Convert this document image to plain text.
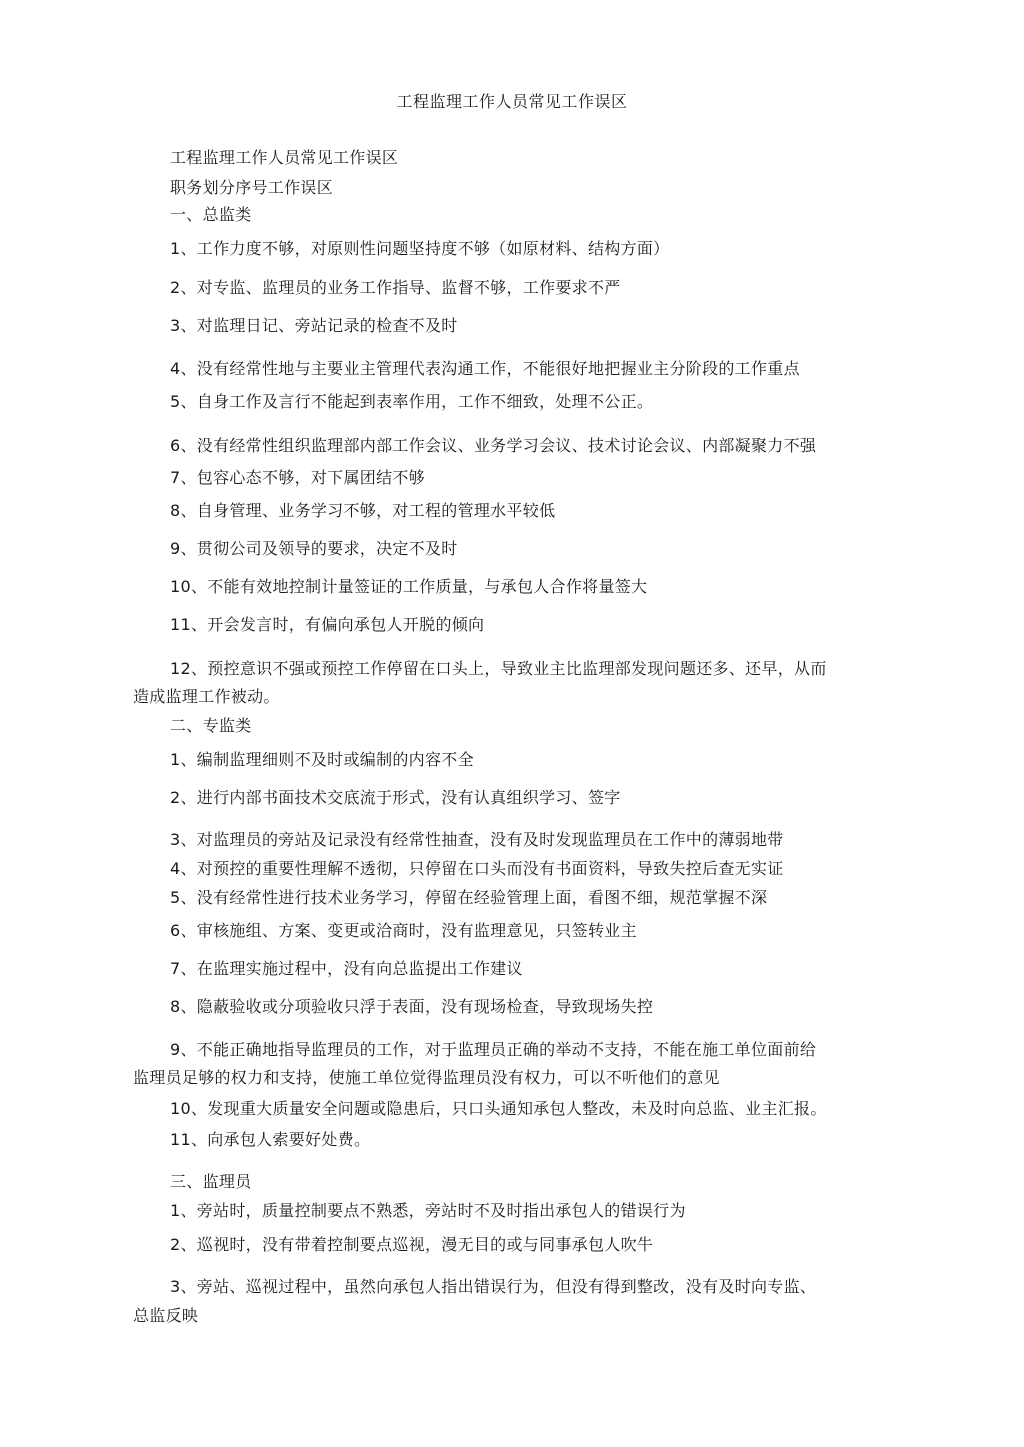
工程监理工作人员常见工作误区
工程监理工作人员常见工作误区
职务划分序号工作误区
一、总监类
1、工作力度不够，对原则性问题坚持度不够（如原材料、结构方面）
2、对专监、监理员的业务工作指导、监督不够，工作要求不严
3、对监理日记、旁站记录的检查不及时
4、没有经常性地与主要业主管理代表沟通工作，不能很好地把握业主分阶段的工作重点
5、自身工作及言行不能起到表率作用，工作不细致，处理不公正。
6、没有经常性组织监理部内部工作会议、业务学习会议、技术讨论会议、内部凝聚力不强
7、包容心态不够，对下属团结不够
8、自身管理、业务学习不够，对工程的管理水平较低
9、贯彻公司及领导的要求，决定不及时
10、不能有效地控制计量签证的工作质量，与承包人合作将量签大
11、开会发言时，有偏向承包人开脱的倾向
12、预控意识不强或预控工作停留在口头上，导致业主比监理部发现问题还多、还早，从而
造成监理工作被动。
二、专监类
1、编制监理细则不及时或编制的内容不全
2、进行内部书面技术交底流于形式，没有认真组织学习、签字
3、对监理员的旁站及记录没有经常性抽查，没有及时发现监理员在工作中的薄弱地带
4、对预控的重要性理解不透彻，只停留在口头而没有书面资料，导致失控后查无实证
5、没有经常性进行技术业务学习，停留在经验管理上面，看图不细，规范掌握不深
6、审核施组、方案、变更或洽商时，没有监理意见，只签转业主
7、在监理实施过程中，没有向总监提出工作建议
8、隐蔽验收或分项验收只浮于表面，没有现场检查，导致现场失控
9、不能正确地指导监理员的工作，对于监理员正确的举动不支持，不能在施工单位面前给
监理员足够的权力和支持，使施工单位觉得监理员没有权力，可以不听他们的意见
10、发现重大质量安全问题或隐患后，只口头通知承包人整改，未及时向总监、业主汇报。
11、向承包人索要好处费。
三、监理员
1、旁站时，质量控制要点不熟悉，旁站时不及时指出承包人的错误行为
2、巡视时，没有带着控制要点巡视，漫无目的或与同事承包人吹牛
3、旁站、巡视过程中，虽然向承包人指出错误行为，但没有得到整改，没有及时向专监、
总监反映
